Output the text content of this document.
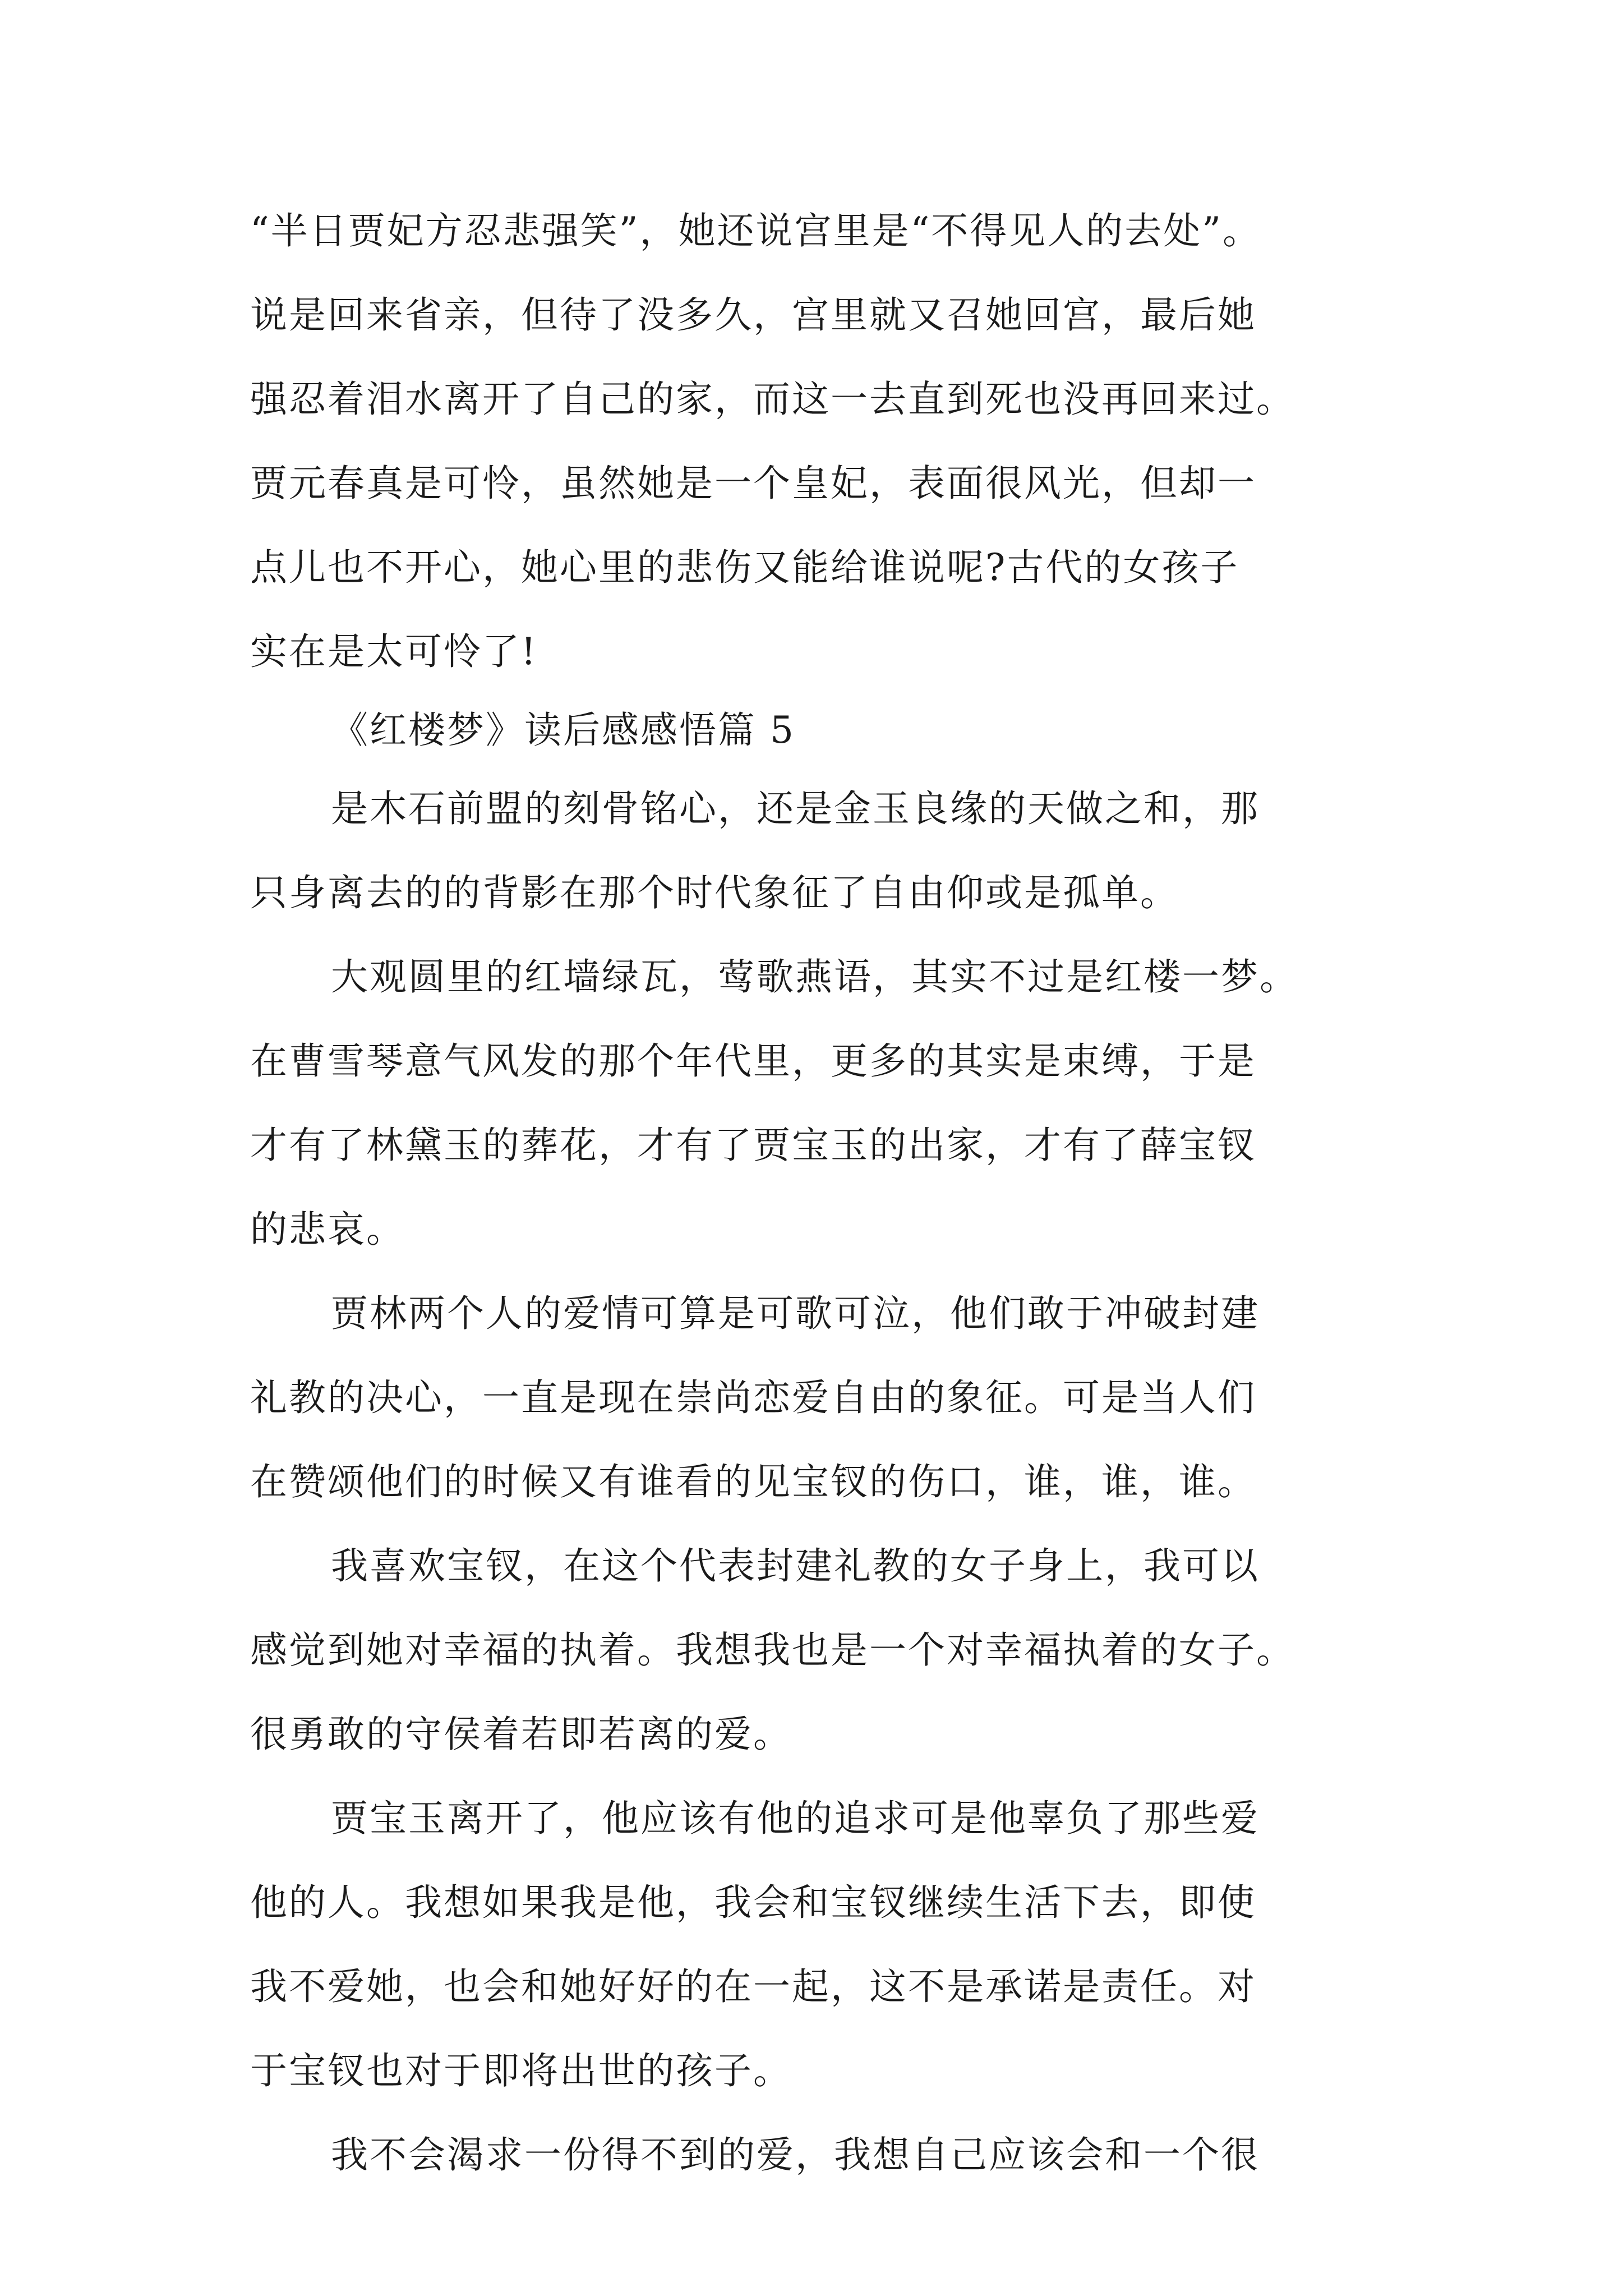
“半日贾妃方忍悲强笑”，她还说宫里是“不得见人的去处”。
说是回来省亲，但待了没多久，宫里就又召她回宫，最后她
强忍着泪水离开了自己的家，而这一去直到死也没再回来过。
贾元春真是可怜，虽然她是一个皇妃，表面很风光，但却一
点儿也不开心，她心里的悲伤又能给谁说呢?古代的女孩子
实在是太可怜了!
《红楼梦》读后感感悟篇 5
是木石前盟的刻骨铭心，还是金玉良缘的天做之和，那
只身离去的的背影在那个时代象征了自由仰或是孤单。
大观圆里的红墙绿瓦，莺歌燕语，其实不过是红楼一梦。
在曹雪琴意气风发的那个年代里，更多的其实是束缚，于是
才有了林黛玉的葬花，才有了贾宝玉的出家，才有了薛宝钗
的悲哀。
贾林两个人的爱情可算是可歌可泣，他们敢于冲破封建
礼教的决心，一直是现在崇尚恋爱自由的象征。可是当人们
在赞颂他们的时候又有谁看的见宝钗的伤口，谁，谁，谁。
我喜欢宝钗，在这个代表封建礼教的女子身上，我可以
感觉到她对幸福的执着。我想我也是一个对幸福执着的女子。
很勇敢的守侯着若即若离的爱。
贾宝玉离开了，他应该有他的追求可是他辜负了那些爱
他的人。我想如果我是他，我会和宝钗继续生活下去，即使
我不爱她，也会和她好好的在一起，这不是承诺是责任。对
于宝钗也对于即将出世的孩子。
我不会渴求一份得不到的爱，我想自己应该会和一个很
